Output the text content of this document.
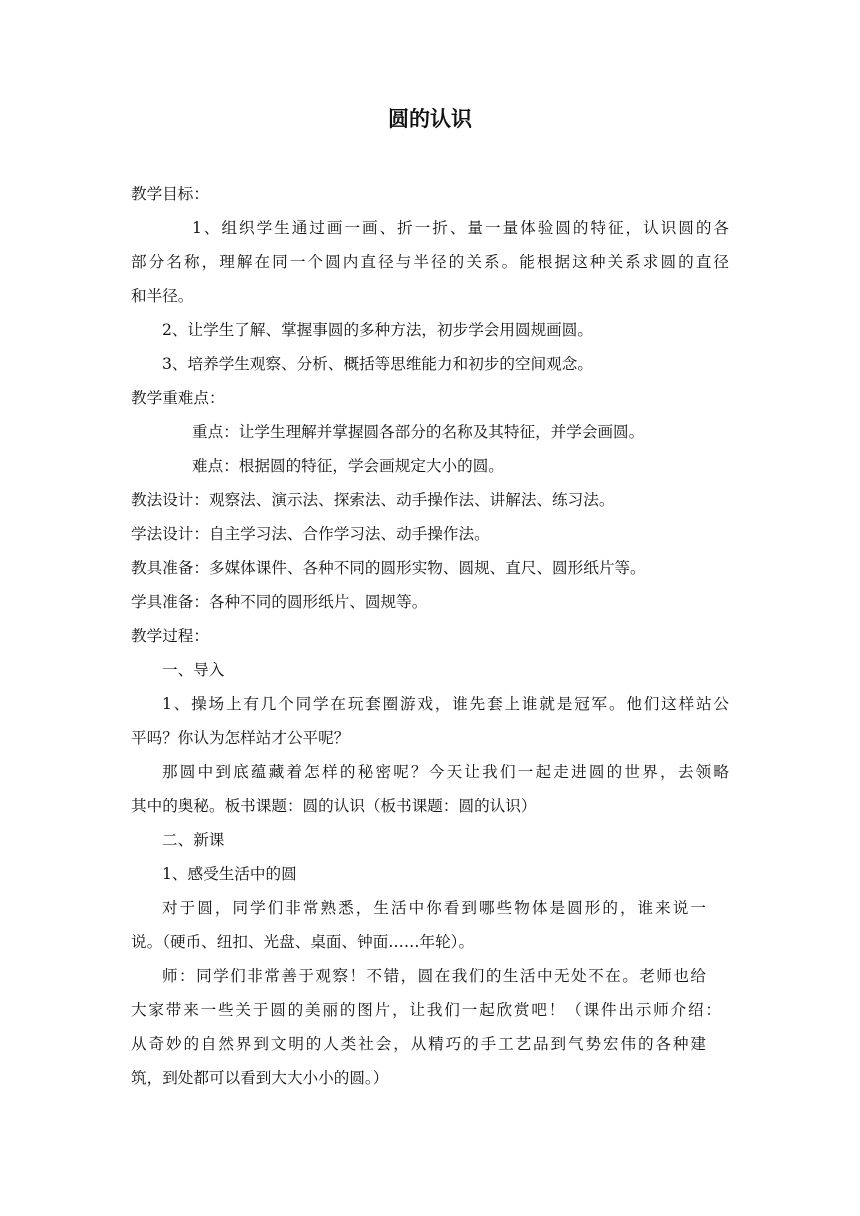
圆的认识
教学目标：
1、组织学生通过画一画、折一折、量一量体验圆的特征，认识圆的各
部分名称，理解在同一个圆内直径与半径的关系。能根据这种关系求圆的直径
和半径。
2、让学生了解、掌握事圆的多种方法，初步学会用圆规画圆。
3、培养学生观察、分析、概括等思维能力和初步的空间观念。
教学重难点：
重点：让学生理解并掌握圆各部分的名称及其特征，并学会画圆。
难点：根据圆的特征，学会画规定大小的圆。
教法设计：观察法、演示法、探索法、动手操作法、讲解法、练习法。
学法设计：自主学习法、合作学习法、动手操作法。
教具准备：多媒体课件、各种不同的圆形实物、圆规、直尺、圆形纸片等。
学具准备：各种不同的圆形纸片、圆规等。
教学过程：
一、导入
1、操场上有几个同学在玩套圈游戏，谁先套上谁就是冠军。他们这样站公
平吗？你认为怎样站才公平呢？
那圆中到底蕴藏着怎样的秘密呢？今天让我们一起走进圆的世界，去领略
其中的奥秘。板书课题：圆的认识（板书课题：圆的认识）
二、新课
1、感受生活中的圆
对于圆，同学们非常熟悉，生活中你看到哪些物体是圆形的，谁来说一
说。（硬币、纽扣、光盘、桌面、钟面……年轮）。
师：同学们非常善于观察！不错，圆在我们的生活中无处不在。老师也给
大家带来一些关于圆的美丽的图片，让我们一起欣赏吧！（课件出示师介绍：
从奇妙的自然界到文明的人类社会，从精巧的手工艺品到气势宏伟的各种建
筑，到处都可以看到大大小小的圆。）
